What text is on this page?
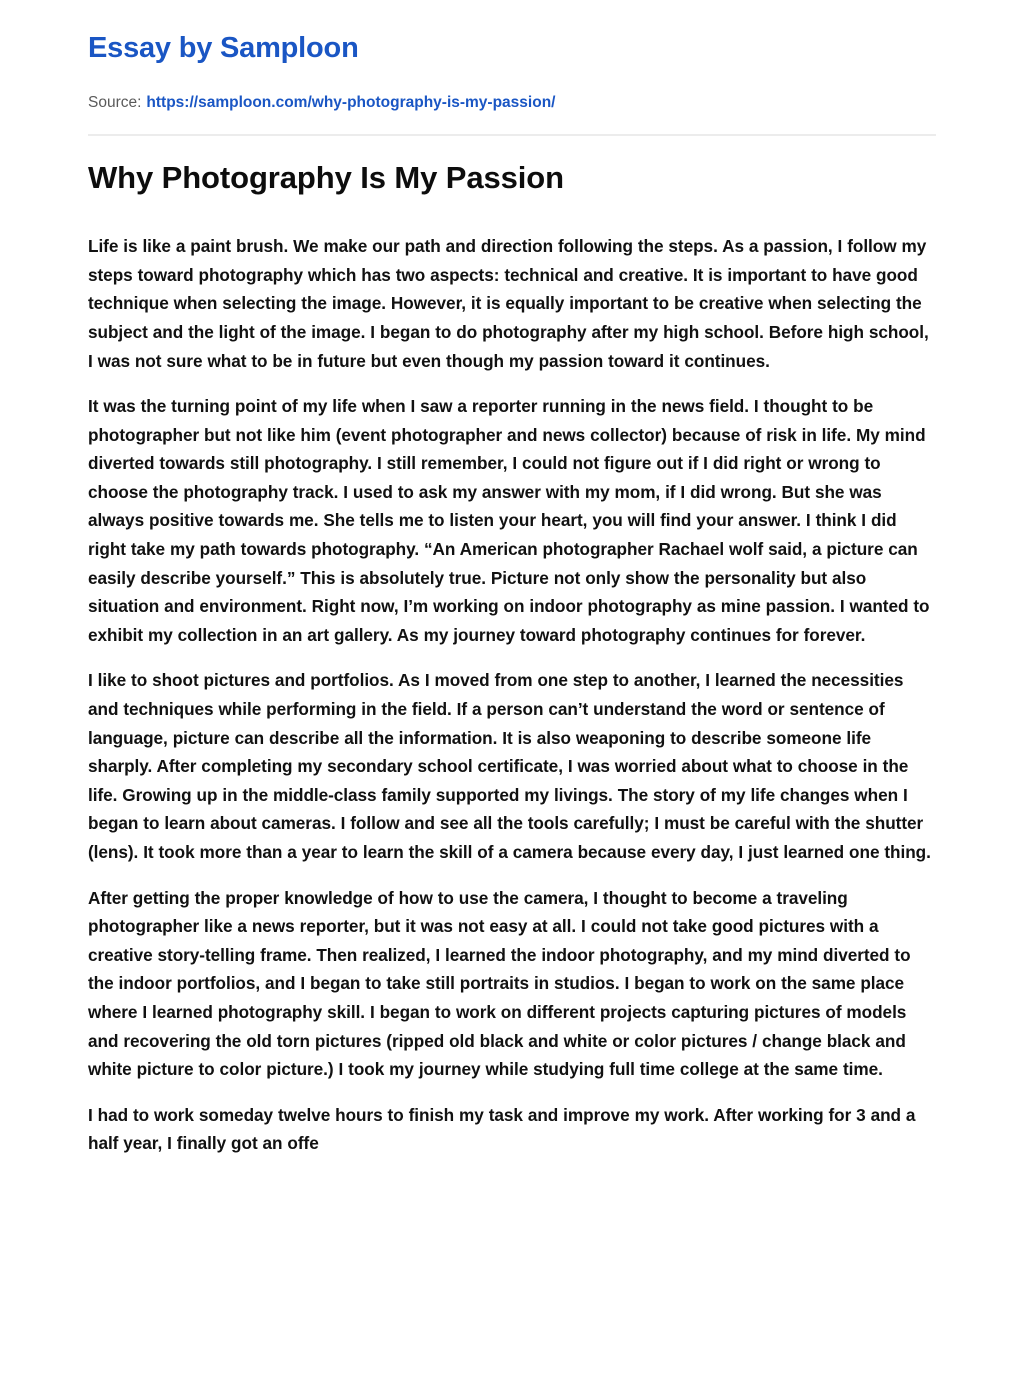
Essay by Samploon
Source: https://samploon.com/why-photography-is-my-passion/
Why Photography Is My Passion

Life is like a paint brush. We make our path and direction following the steps. As a passion, I follow my steps toward photography which has two aspects: technical and creative. It is important to have good technique when selecting the image. However, it is equally important to be creative when selecting the subject and the light of the image. I began to do photography after my high school. Before high school, I was not sure what to be in future but even though my passion toward it continues.

It was the turning point of my life when I saw a reporter running in the news field. I thought to be photographer but not like him (event photographer and news collector) because of risk in life. My mind diverted towards still photography. I still remember, I could not figure out if I did right or wrong to choose the photography track. I used to ask my answer with my mom, if I did wrong. But she was always positive towards me. She tells me to listen your heart, you will find your answer. I think I did right take my path towards photography. “An American photographer Rachael wolf said, a picture can easily describe yourself.” This is absolutely true. Picture not only show the personality but also situation and environment. Right now, I’m working on indoor photography as mine passion. I wanted to exhibit my collection in an art gallery. As my journey toward photography continues for forever.

I like to shoot pictures and portfolios. As I moved from one step to another, I learned the necessities and techniques while performing in the field. If a person can’t understand the word or sentence of language, picture can describe all the information. It is also weaponing to describe someone life sharply. After completing my secondary school certificate, I was worried about what to choose in the life. Growing up in the middle-class family supported my livings. The story of my life changes when I began to learn about cameras. I follow and see all the tools carefully; I must be careful with the shutter (lens). It took more than a year to learn the skill of a camera because every day, I just learned one thing.

After getting the proper knowledge of how to use the camera, I thought to become a traveling photographer like a news reporter, but it was not easy at all. I could not take good pictures with a creative story-telling frame. Then realized, I learned the indoor photography, and my mind diverted to the indoor portfolios, and I began to take still portraits in studios. I began to work on the same place where I learned photography skill. I began to work on different projects capturing pictures of models and recovering the old torn pictures (ripped old black and white or color pictures / change black and white picture to color picture.) I took my journey while studying full time college at the same time.

I had to work someday twelve hours to finish my task and improve my work. After working for 3 and a half year, I finally got an offe
